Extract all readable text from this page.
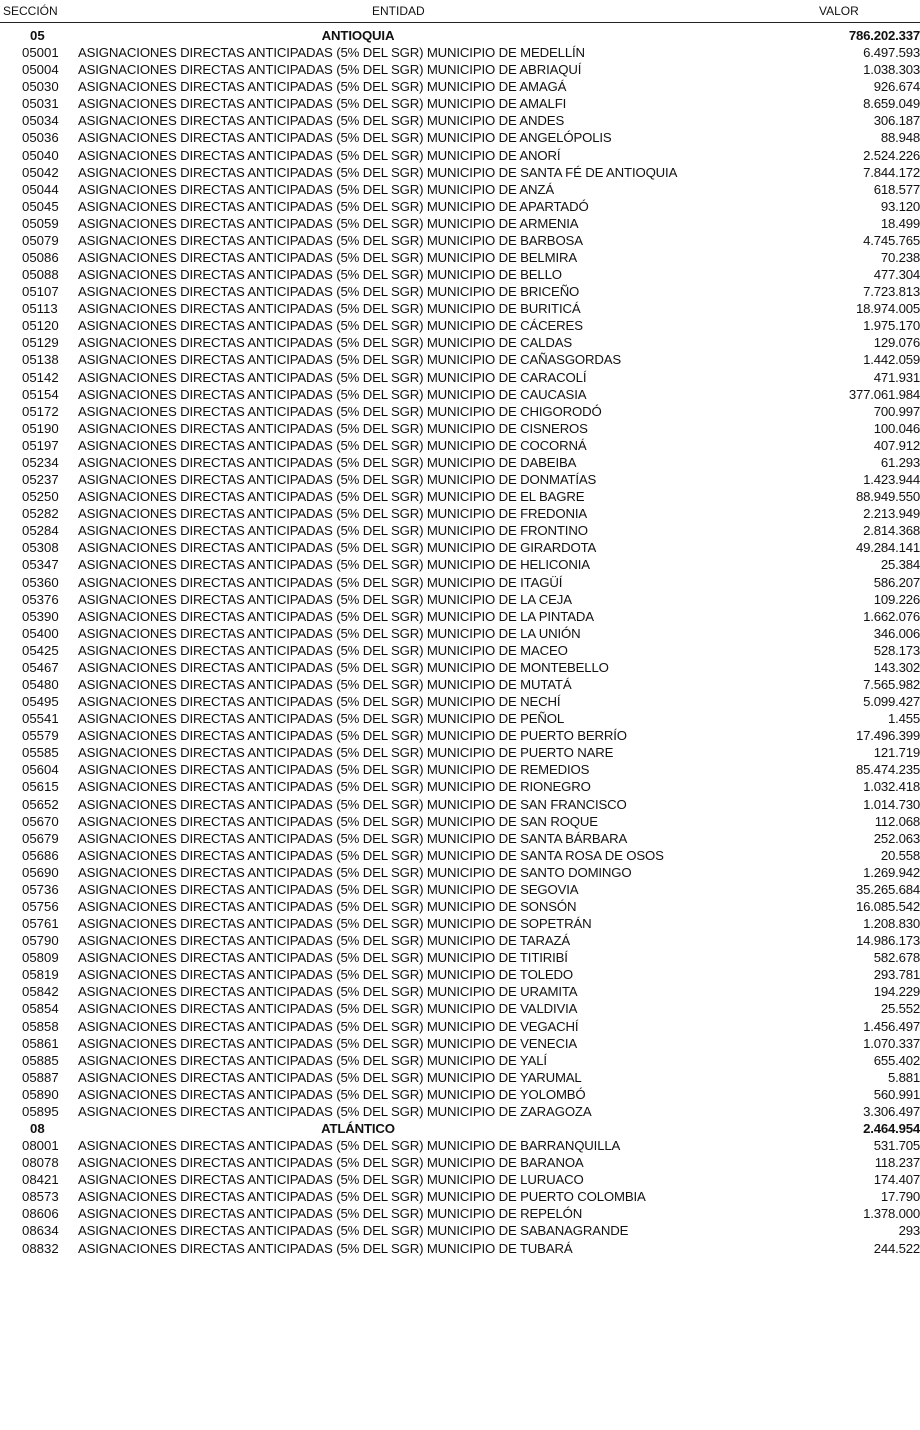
SECCIÓN	ENTIDAD	VALOR
05	ANTIOQUIA	786.202.337
05001	ASIGNACIONES DIRECTAS ANTICIPADAS (5% DEL SGR) MUNICIPIO DE MEDELLÍN	6.497.593
05004	ASIGNACIONES DIRECTAS ANTICIPADAS (5% DEL SGR) MUNICIPIO DE ABRIAQUÍ	1.038.303
05030	ASIGNACIONES DIRECTAS ANTICIPADAS (5% DEL SGR) MUNICIPIO DE AMAGÁ	926.674
05031	ASIGNACIONES DIRECTAS ANTICIPADAS (5% DEL SGR) MUNICIPIO DE AMALFI	8.659.049
05034	ASIGNACIONES DIRECTAS ANTICIPADAS (5% DEL SGR) MUNICIPIO DE ANDES	306.187
05036	ASIGNACIONES DIRECTAS ANTICIPADAS (5% DEL SGR) MUNICIPIO DE ANGELÓPOLIS	88.948
05040	ASIGNACIONES DIRECTAS ANTICIPADAS (5% DEL SGR) MUNICIPIO DE ANORÍ	2.524.226
05042	ASIGNACIONES DIRECTAS ANTICIPADAS (5% DEL SGR) MUNICIPIO DE SANTA FÉ DE ANTIOQUIA	7.844.172
05044	ASIGNACIONES DIRECTAS ANTICIPADAS (5% DEL SGR) MUNICIPIO DE ANZÁ	618.577
05045	ASIGNACIONES DIRECTAS ANTICIPADAS (5% DEL SGR) MUNICIPIO DE APARTADÓ	93.120
05059	ASIGNACIONES DIRECTAS ANTICIPADAS (5% DEL SGR) MUNICIPIO DE ARMENIA	18.499
05079	ASIGNACIONES DIRECTAS ANTICIPADAS (5% DEL SGR) MUNICIPIO DE BARBOSA	4.745.765
05086	ASIGNACIONES DIRECTAS ANTICIPADAS (5% DEL SGR) MUNICIPIO DE BELMIRA	70.238
05088	ASIGNACIONES DIRECTAS ANTICIPADAS (5% DEL SGR) MUNICIPIO DE BELLO	477.304
05107	ASIGNACIONES DIRECTAS ANTICIPADAS (5% DEL SGR) MUNICIPIO DE BRICEÑO	7.723.813
05113	ASIGNACIONES DIRECTAS ANTICIPADAS (5% DEL SGR) MUNICIPIO DE BURITICÁ	18.974.005
05120	ASIGNACIONES DIRECTAS ANTICIPADAS (5% DEL SGR) MUNICIPIO DE CÁCERES	1.975.170
05129	ASIGNACIONES DIRECTAS ANTICIPADAS (5% DEL SGR) MUNICIPIO DE CALDAS	129.076
05138	ASIGNACIONES DIRECTAS ANTICIPADAS (5% DEL SGR) MUNICIPIO DE CAÑASGORDAS	1.442.059
05142	ASIGNACIONES DIRECTAS ANTICIPADAS (5% DEL SGR) MUNICIPIO DE CARACOLÍ	471.931
05154	ASIGNACIONES DIRECTAS ANTICIPADAS (5% DEL SGR) MUNICIPIO DE CAUCASIA	377.061.984
05172	ASIGNACIONES DIRECTAS ANTICIPADAS (5% DEL SGR) MUNICIPIO DE CHIGORODÓ	700.997
05190	ASIGNACIONES DIRECTAS ANTICIPADAS (5% DEL SGR) MUNICIPIO DE CISNEROS	100.046
05197	ASIGNACIONES DIRECTAS ANTICIPADAS (5% DEL SGR) MUNICIPIO DE COCORNÁ	407.912
05234	ASIGNACIONES DIRECTAS ANTICIPADAS (5% DEL SGR) MUNICIPIO DE DABEIBA	61.293
05237	ASIGNACIONES DIRECTAS ANTICIPADAS (5% DEL SGR) MUNICIPIO DE DONMATÍAS	1.423.944
05250	ASIGNACIONES DIRECTAS ANTICIPADAS (5% DEL SGR) MUNICIPIO DE EL BAGRE	88.949.550
05282	ASIGNACIONES DIRECTAS ANTICIPADAS (5% DEL SGR) MUNICIPIO DE FREDONIA	2.213.949
05284	ASIGNACIONES DIRECTAS ANTICIPADAS (5% DEL SGR) MUNICIPIO DE FRONTINO	2.814.368
05308	ASIGNACIONES DIRECTAS ANTICIPADAS (5% DEL SGR) MUNICIPIO DE GIRARDOTA	49.284.141
05347	ASIGNACIONES DIRECTAS ANTICIPADAS (5% DEL SGR) MUNICIPIO DE HELICONIA	25.384
05360	ASIGNACIONES DIRECTAS ANTICIPADAS (5% DEL SGR) MUNICIPIO DE ITAGÜÍ	586.207
05376	ASIGNACIONES DIRECTAS ANTICIPADAS (5% DEL SGR) MUNICIPIO DE LA CEJA	109.226
05390	ASIGNACIONES DIRECTAS ANTICIPADAS (5% DEL SGR) MUNICIPIO DE LA PINTADA	1.662.076
05400	ASIGNACIONES DIRECTAS ANTICIPADAS (5% DEL SGR) MUNICIPIO DE LA UNIÓN	346.006
05425	ASIGNACIONES DIRECTAS ANTICIPADAS (5% DEL SGR) MUNICIPIO DE MACEO	528.173
05467	ASIGNACIONES DIRECTAS ANTICIPADAS (5% DEL SGR) MUNICIPIO DE MONTEBELLO	143.302
05480	ASIGNACIONES DIRECTAS ANTICIPADAS (5% DEL SGR) MUNICIPIO DE MUTATÁ	7.565.982
05495	ASIGNACIONES DIRECTAS ANTICIPADAS (5% DEL SGR) MUNICIPIO DE NECHÍ	5.099.427
05541	ASIGNACIONES DIRECTAS ANTICIPADAS (5% DEL SGR) MUNICIPIO DE PEÑOL	1.455
05579	ASIGNACIONES DIRECTAS ANTICIPADAS (5% DEL SGR) MUNICIPIO DE PUERTO BERRÍO	17.496.399
05585	ASIGNACIONES DIRECTAS ANTICIPADAS (5% DEL SGR) MUNICIPIO DE PUERTO NARE	121.719
05604	ASIGNACIONES DIRECTAS ANTICIPADAS (5% DEL SGR) MUNICIPIO DE REMEDIOS	85.474.235
05615	ASIGNACIONES DIRECTAS ANTICIPADAS (5% DEL SGR) MUNICIPIO DE RIONEGRO	1.032.418
05652	ASIGNACIONES DIRECTAS ANTICIPADAS (5% DEL SGR) MUNICIPIO DE SAN FRANCISCO	1.014.730
05670	ASIGNACIONES DIRECTAS ANTICIPADAS (5% DEL SGR) MUNICIPIO DE SAN ROQUE	112.068
05679	ASIGNACIONES DIRECTAS ANTICIPADAS (5% DEL SGR) MUNICIPIO DE SANTA BÁRBARA	252.063
05686	ASIGNACIONES DIRECTAS ANTICIPADAS (5% DEL SGR) MUNICIPIO DE SANTA ROSA DE OSOS	20.558
05690	ASIGNACIONES DIRECTAS ANTICIPADAS (5% DEL SGR) MUNICIPIO DE SANTO DOMINGO	1.269.942
05736	ASIGNACIONES DIRECTAS ANTICIPADAS (5% DEL SGR) MUNICIPIO DE SEGOVIA	35.265.684
05756	ASIGNACIONES DIRECTAS ANTICIPADAS (5% DEL SGR) MUNICIPIO DE SONSÓN	16.085.542
05761	ASIGNACIONES DIRECTAS ANTICIPADAS (5% DEL SGR) MUNICIPIO DE SOPETRÁN	1.208.830
05790	ASIGNACIONES DIRECTAS ANTICIPADAS (5% DEL SGR) MUNICIPIO DE TARAZÁ	14.986.173
05809	ASIGNACIONES DIRECTAS ANTICIPADAS (5% DEL SGR) MUNICIPIO DE TITIRIBÍ	582.678
05819	ASIGNACIONES DIRECTAS ANTICIPADAS (5% DEL SGR) MUNICIPIO DE TOLEDO	293.781
05842	ASIGNACIONES DIRECTAS ANTICIPADAS (5% DEL SGR) MUNICIPIO DE URAMITA	194.229
05854	ASIGNACIONES DIRECTAS ANTICIPADAS (5% DEL SGR) MUNICIPIO DE VALDIVIA	25.552
05858	ASIGNACIONES DIRECTAS ANTICIPADAS (5% DEL SGR) MUNICIPIO DE VEGACHÍ	1.456.497
05861	ASIGNACIONES DIRECTAS ANTICIPADAS (5% DEL SGR) MUNICIPIO DE VENECIA	1.070.337
05885	ASIGNACIONES DIRECTAS ANTICIPADAS (5% DEL SGR) MUNICIPIO DE YALÍ	655.402
05887	ASIGNACIONES DIRECTAS ANTICIPADAS (5% DEL SGR) MUNICIPIO DE YARUMAL	5.881
05890	ASIGNACIONES DIRECTAS ANTICIPADAS (5% DEL SGR) MUNICIPIO DE YOLOMBÓ	560.991
05895	ASIGNACIONES DIRECTAS ANTICIPADAS (5% DEL SGR) MUNICIPIO DE ZARAGOZA	3.306.497
08	ATLÁNTICO	2.464.954
08001	ASIGNACIONES DIRECTAS ANTICIPADAS (5% DEL SGR) MUNICIPIO DE BARRANQUILLA	531.705
08078	ASIGNACIONES DIRECTAS ANTICIPADAS (5% DEL SGR) MUNICIPIO DE BARANOA	118.237
08421	ASIGNACIONES DIRECTAS ANTICIPADAS (5% DEL SGR) MUNICIPIO DE LURUACO	174.407
08573	ASIGNACIONES DIRECTAS ANTICIPADAS (5% DEL SGR) MUNICIPIO DE PUERTO COLOMBIA	17.790
08606	ASIGNACIONES DIRECTAS ANTICIPADAS (5% DEL SGR) MUNICIPIO DE REPELÓN	1.378.000
08634	ASIGNACIONES DIRECTAS ANTICIPADAS (5% DEL SGR) MUNICIPIO DE SABANAGRANDE	293
08832	ASIGNACIONES DIRECTAS ANTICIPADAS (5% DEL SGR) MUNICIPIO DE TUBARÁ	244.522
